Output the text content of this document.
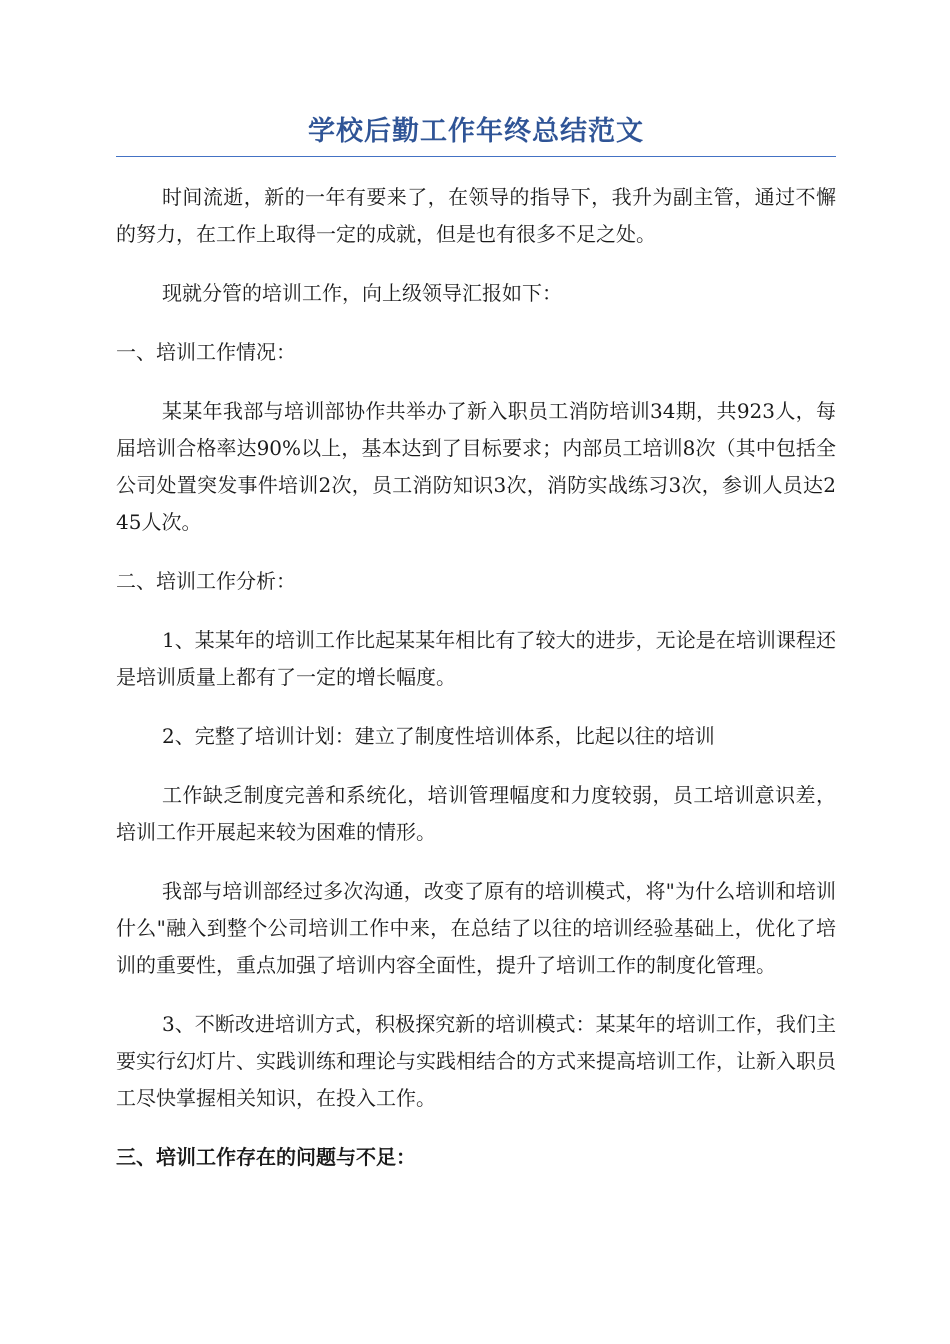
学校后勤工作年终总结范文

时间流逝，新的一年有要来了，在领导的指导下，我升为副主管，通过不懈的努力，在工作上取得一定的成就，但是也有很多不足之处。

现就分管的培训工作，向上级领导汇报如下：

一、培训工作情况：

某某年我部与培训部协作共举办了新入职员工消防培训34期，共923人，每届培训合格率达90%以上，基本达到了目标要求；内部员工培训8次（其中包括全公司处置突发事件培训2次，员工消防知识3次，消防实战练习3次，参训人员达245人次。

二、培训工作分析：

1、某某年的培训工作比起某某年相比有了较大的进步，无论是在培训课程还是培训质量上都有了一定的增长幅度。

2、完整了培训计划：建立了制度性培训体系，比起以往的培训

工作缺乏制度完善和系统化，培训管理幅度和力度较弱，员工培训意识差，培训工作开展起来较为困难的情形。

我部与培训部经过多次沟通，改变了原有的培训模式，将"为什么培训和培训什么"融入到整个公司培训工作中来，在总结了以往的培训经验基础上，优化了培训的重要性，重点加强了培训内容全面性，提升了培训工作的制度化管理。

3、不断改进培训方式，积极探究新的培训模式：某某年的培训工作，我们主要实行幻灯片、实践训练和理论与实践相结合的方式来提高培训工作，让新入职员工尽快掌握相关知识，在投入工作。

三、培训工作存在的问题与不足：
